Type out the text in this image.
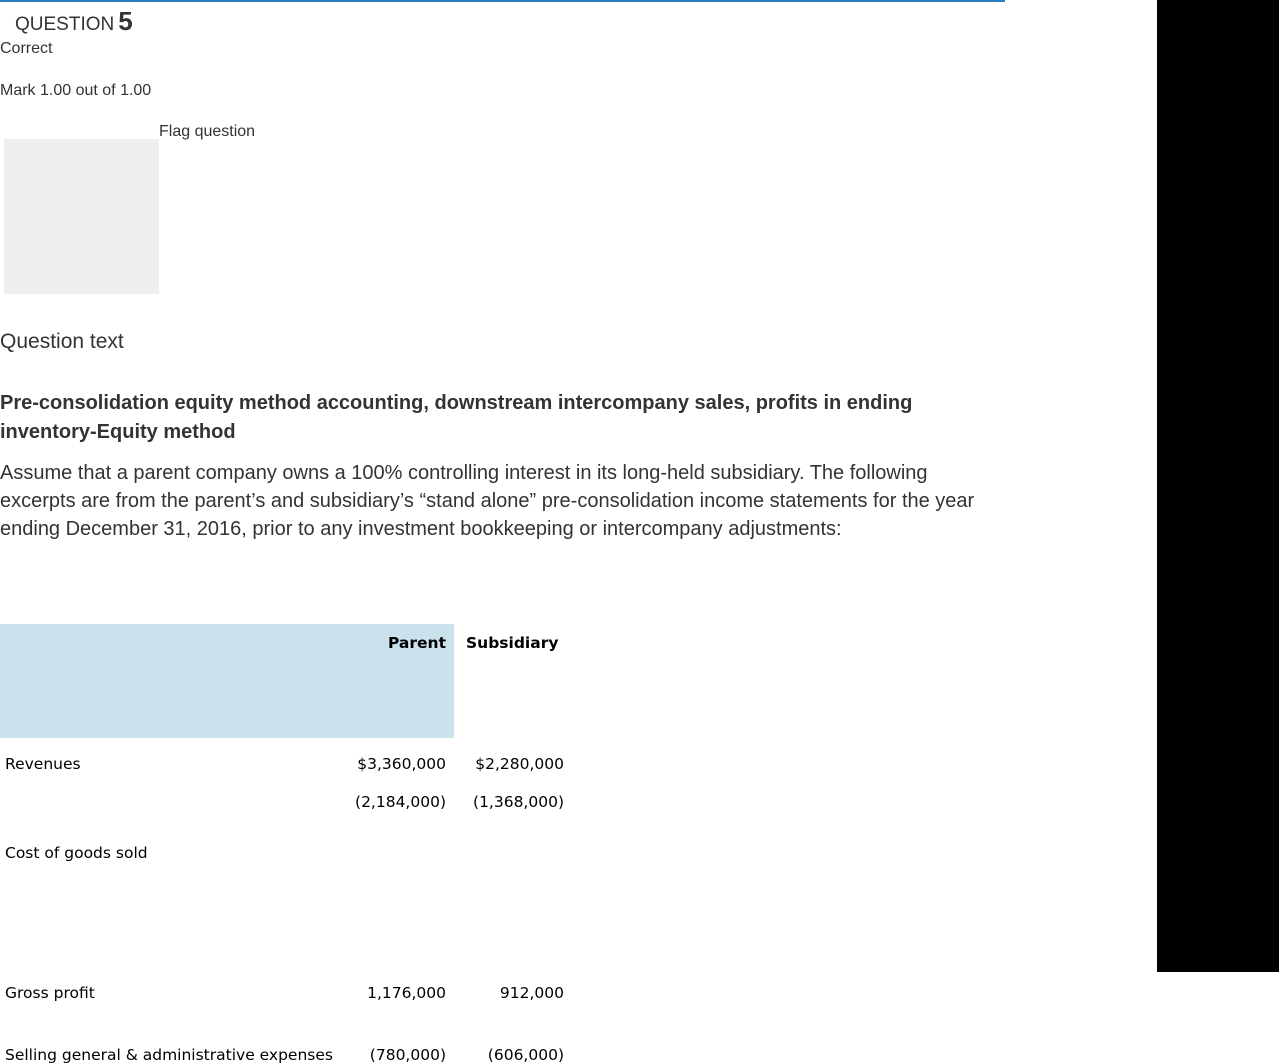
QUESTION 5
Correct
Mark 1.00 out of 1.00
Flag question
Question text
Pre-consolidation equity method accounting, downstream intercompany sales, profits in ending inventory-Equity method
Assume that a parent company owns a 100% controlling interest in its long-held subsidiary. The following excerpts are from the parent’s and subsidiary’s “stand alone” pre-consolidation income statements for the year ending December 31, 2016, prior to any investment bookkeeping or intercompany adjustments:
	Parent	Subsidiary
Revenues	$3,360,000	$2,280,000
Cost of goods sold	(2,184,000)	(1,368,000)
Gross profit	1,176,000	912,000
Selling general & administrative expenses	(780,000)	(606,000)
